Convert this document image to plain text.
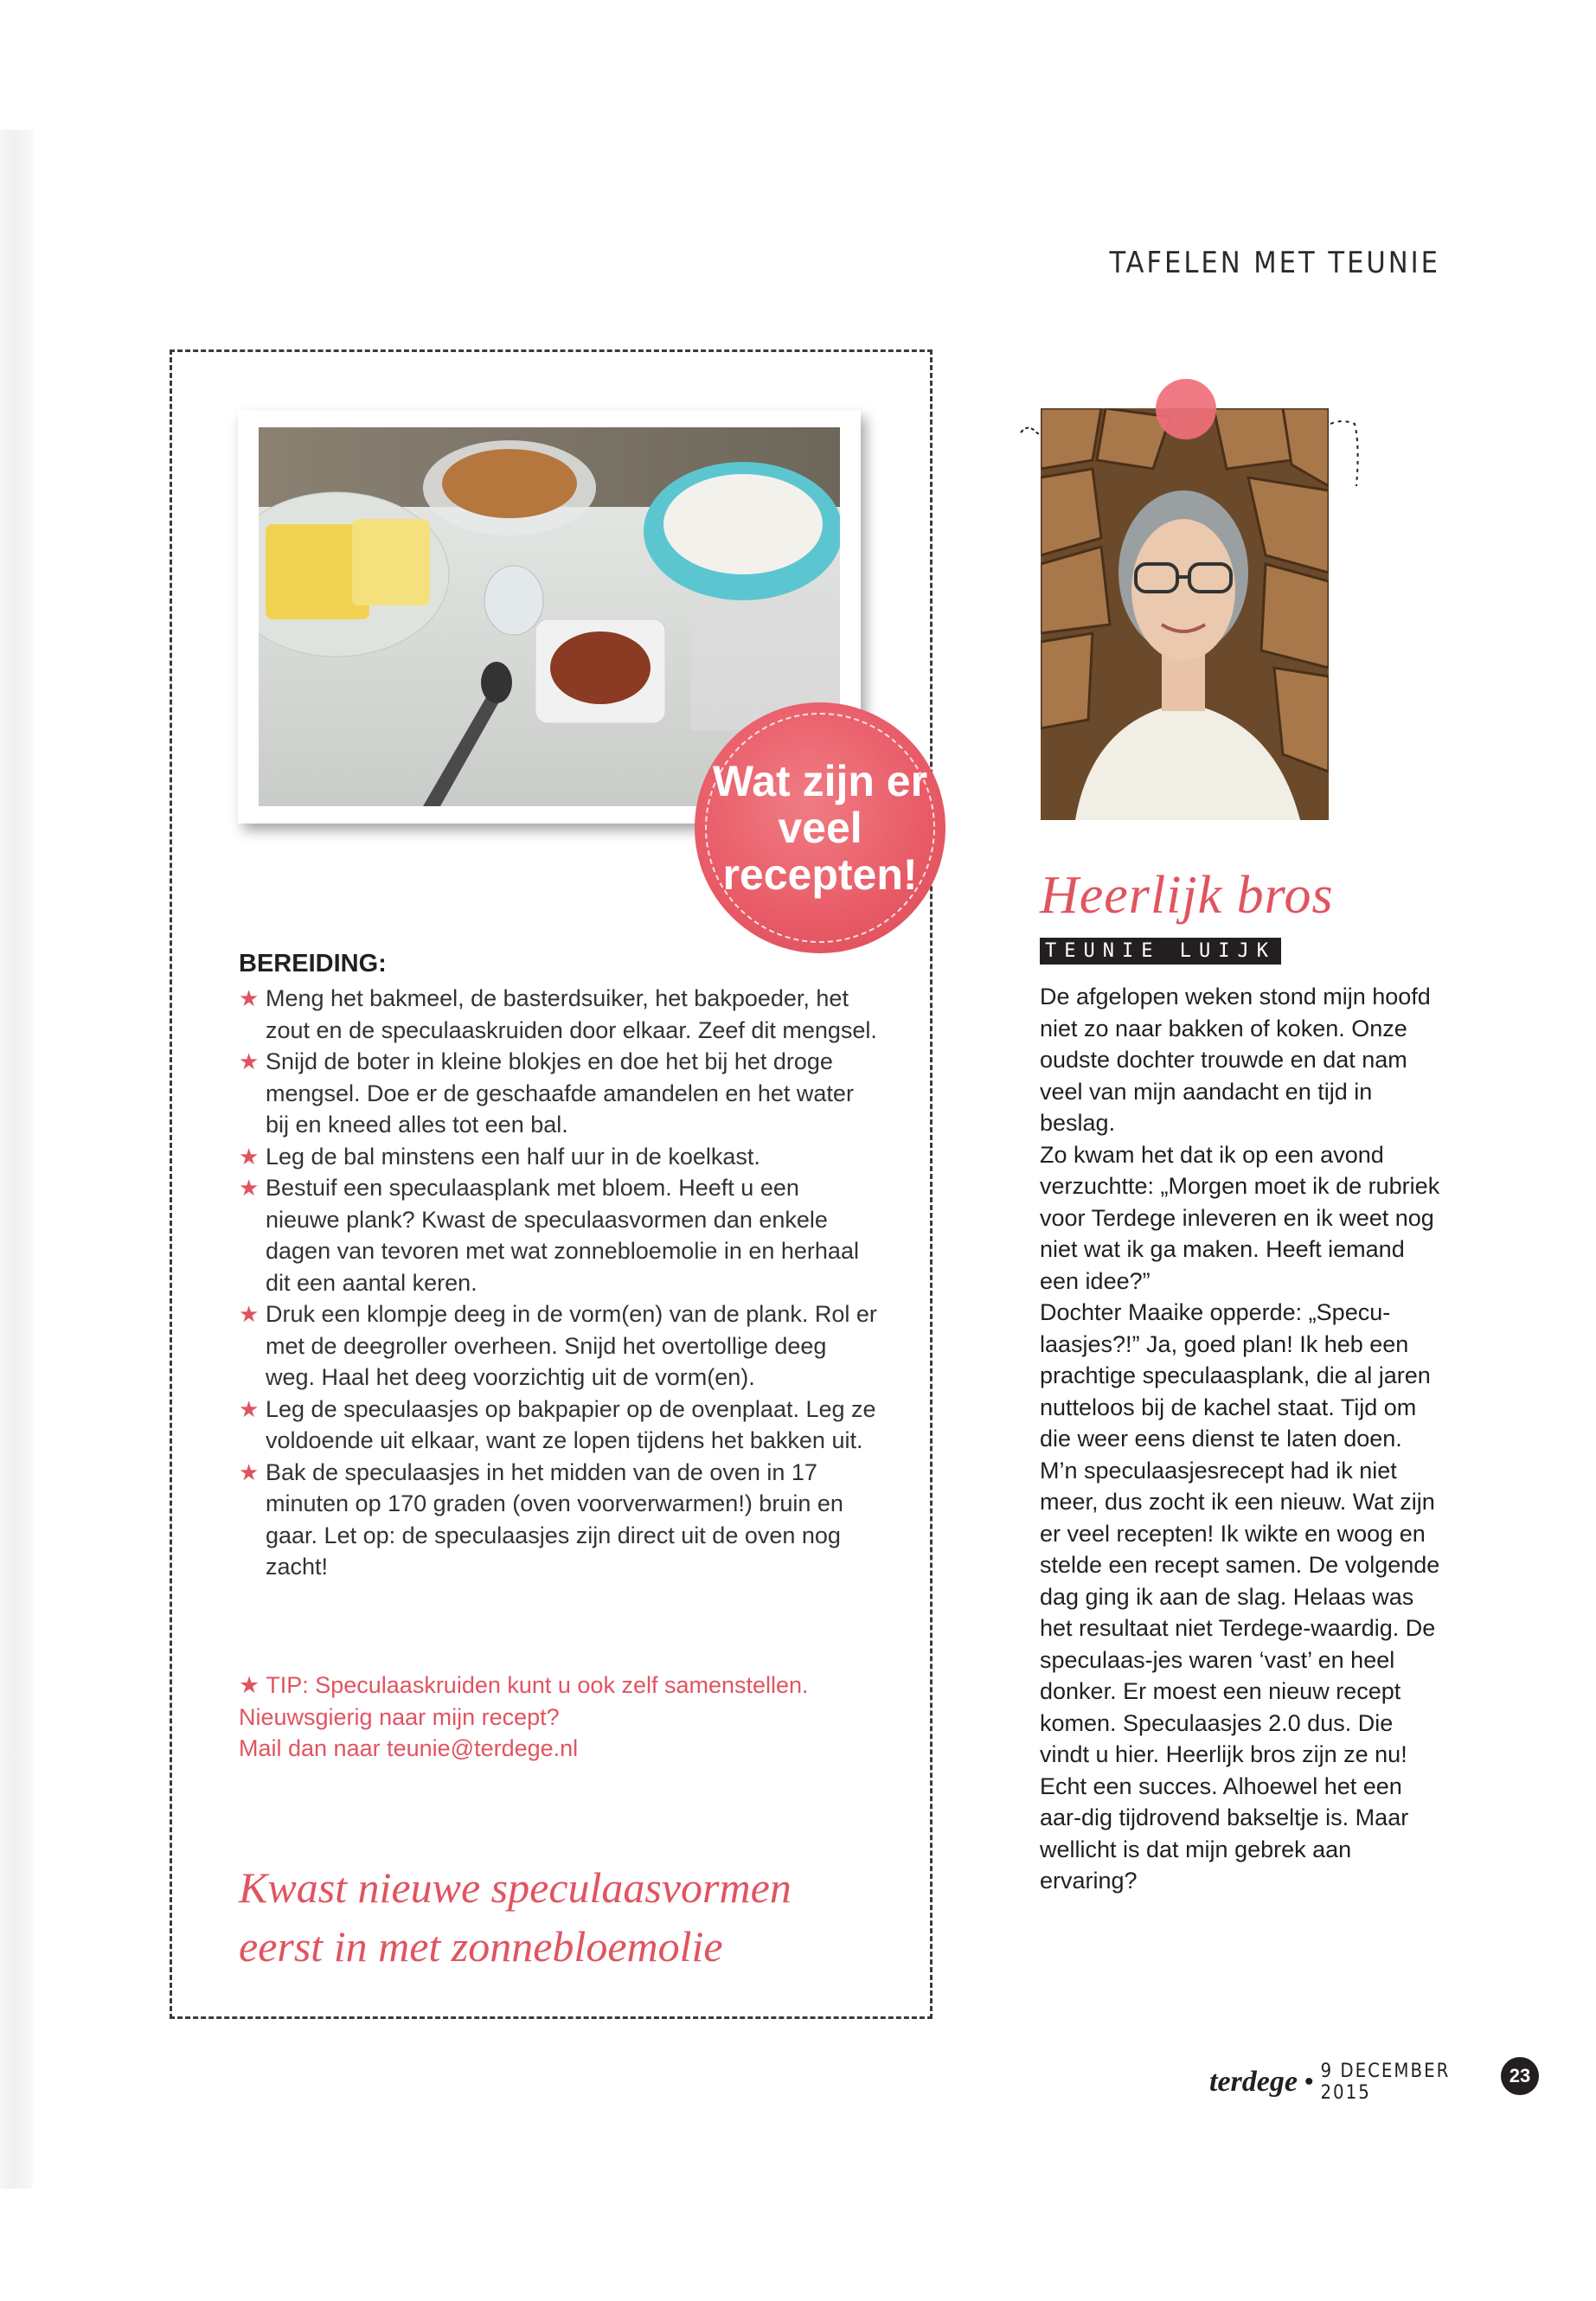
TAFELEN MET TEUNIE
Wat zijn er veel recepten!
BEREIDING:
★ Meng het bakmeel, de basterdsuiker, het bakpoeder, het zout en de speculaaskruiden door elkaar. Zeef dit mengsel.
★ Snijd de boter in kleine blokjes en doe het bij het droge mengsel. Doe er de geschaafde amandelen en het water bij en kneed alles tot een bal.
★ Leg de bal minstens een half uur in de koelkast.
★ Bestuif een speculaasplank met bloem. Heeft u een nieuwe plank? Kwast de speculaasvormen dan enkele dagen van tevoren met wat zonnebloemolie in en herhaal dit een aantal keren.
★ Druk een klompje deeg in de vorm(en) van de plank. Rol er met de deegroller overheen. Snijd het overtollige deeg weg. Haal het deeg voorzichtig uit de vorm(en).
★ Leg de speculaasjes op bakpapier op de ovenplaat. Leg ze voldoende uit elkaar, want ze lopen tijdens het bakken uit.
★ Bak de speculaasjes in het midden van de oven in 17 minuten op 170 graden (oven voorverwarmen!) bruin en gaar. Let op: de speculaasjes zijn direct uit de oven nog zacht!
★ TIP: Speculaaskruiden kunt u ook zelf samenstellen.
Nieuwsgierig naar mijn recept?
Mail dan naar teunie@terdege.nl
Kwast nieuwe speculaasvormen
eerst in met zonnebloemolie
Heerlijk bros
TEUNIE LUIJK

De afgelopen weken stond mijn hoofd niet zo naar bakken of koken. Onze oudste dochter trouwde en dat nam veel van mijn aandacht en tijd in beslag.

Zo kwam het dat ik op een avond verzuchtte: „Morgen moet ik de rubriek voor Terdege inleveren en ik weet nog niet wat ik ga maken. Heeft iemand een idee?”

Dochter Maaike opperde: „Specu-laasjes?!” Ja, goed plan! Ik heb een prachtige speculaasplank, die al jaren nutteloos bij de kachel staat. Tijd om die weer eens dienst te laten doen.

M’n speculaasjesrecept had ik niet meer, dus zocht ik een nieuw. Wat zijn er veel recepten! Ik wikte en woog en stelde een recept samen. De volgende dag ging ik aan de slag. Helaas was het resultaat niet Terdege-waardig. De speculaas-jes waren ‘vast’ en heel donker. Er moest een nieuw recept komen. Speculaasjes 2.0 dus. Die vindt u hier. Heerlijk bros zijn ze nu! Echt een succes. Alhoewel het een aar-dig tijdrovend bakseltje is. Maar wellicht is dat mijn gebrek aan ervaring?

terdege • 9 DECEMBER 2015
23
